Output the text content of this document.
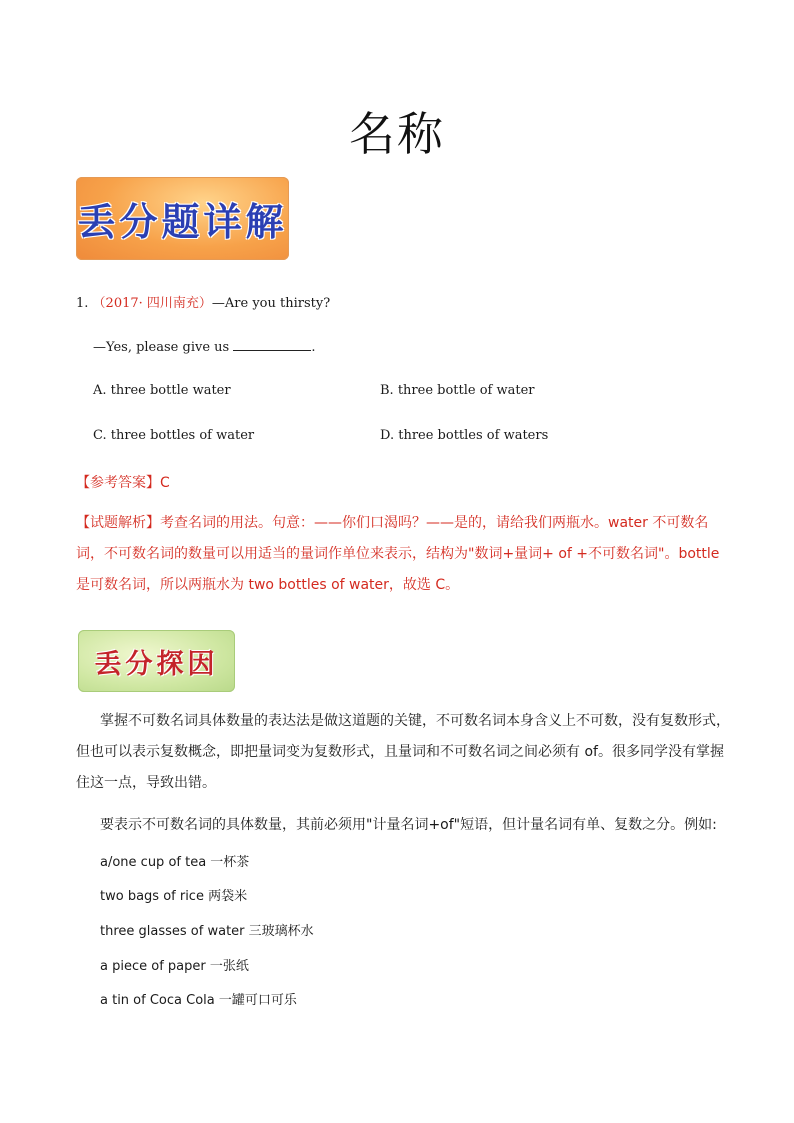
名称
丢分题详解
1. （2017· 四川南充）—Are you thirsty?
—Yes, please give us	.
A. three bottle water	B. three bottle of water
C. three bottles of water	D. three bottles of waters
【参考答案】C
【试题解析】考查名词的用法。句意：——你们口渴吗？——是的，请给我们两瓶水。water 不可数名词，不可数名词的数量可以用适当的量词作单位来表示，结构为"数词+量词+ of +不可数名词"。bottle 是可数名词，所以两瓶水为 two bottles of water，故选 C。
丢分探因
掌握不可数名词具体数量的表达法是做这道题的关键，不可数名词本身含义上不可数，没有复数形式，但也可以表示复数概念，即把量词变为复数形式，且量词和不可数名词之间必须有 of。很多同学没有掌握住这一点，导致出错。
要表示不可数名词的具体数量，其前必须用"计量名词+of"短语，但计量名词有单、复数之分。例如:
a/one cup of tea 一杯茶
two bags of rice 两袋米
three glasses of water 三玻璃杯水
a piece of paper 一张纸
a tin of Coca Cola 一罐可口可乐
